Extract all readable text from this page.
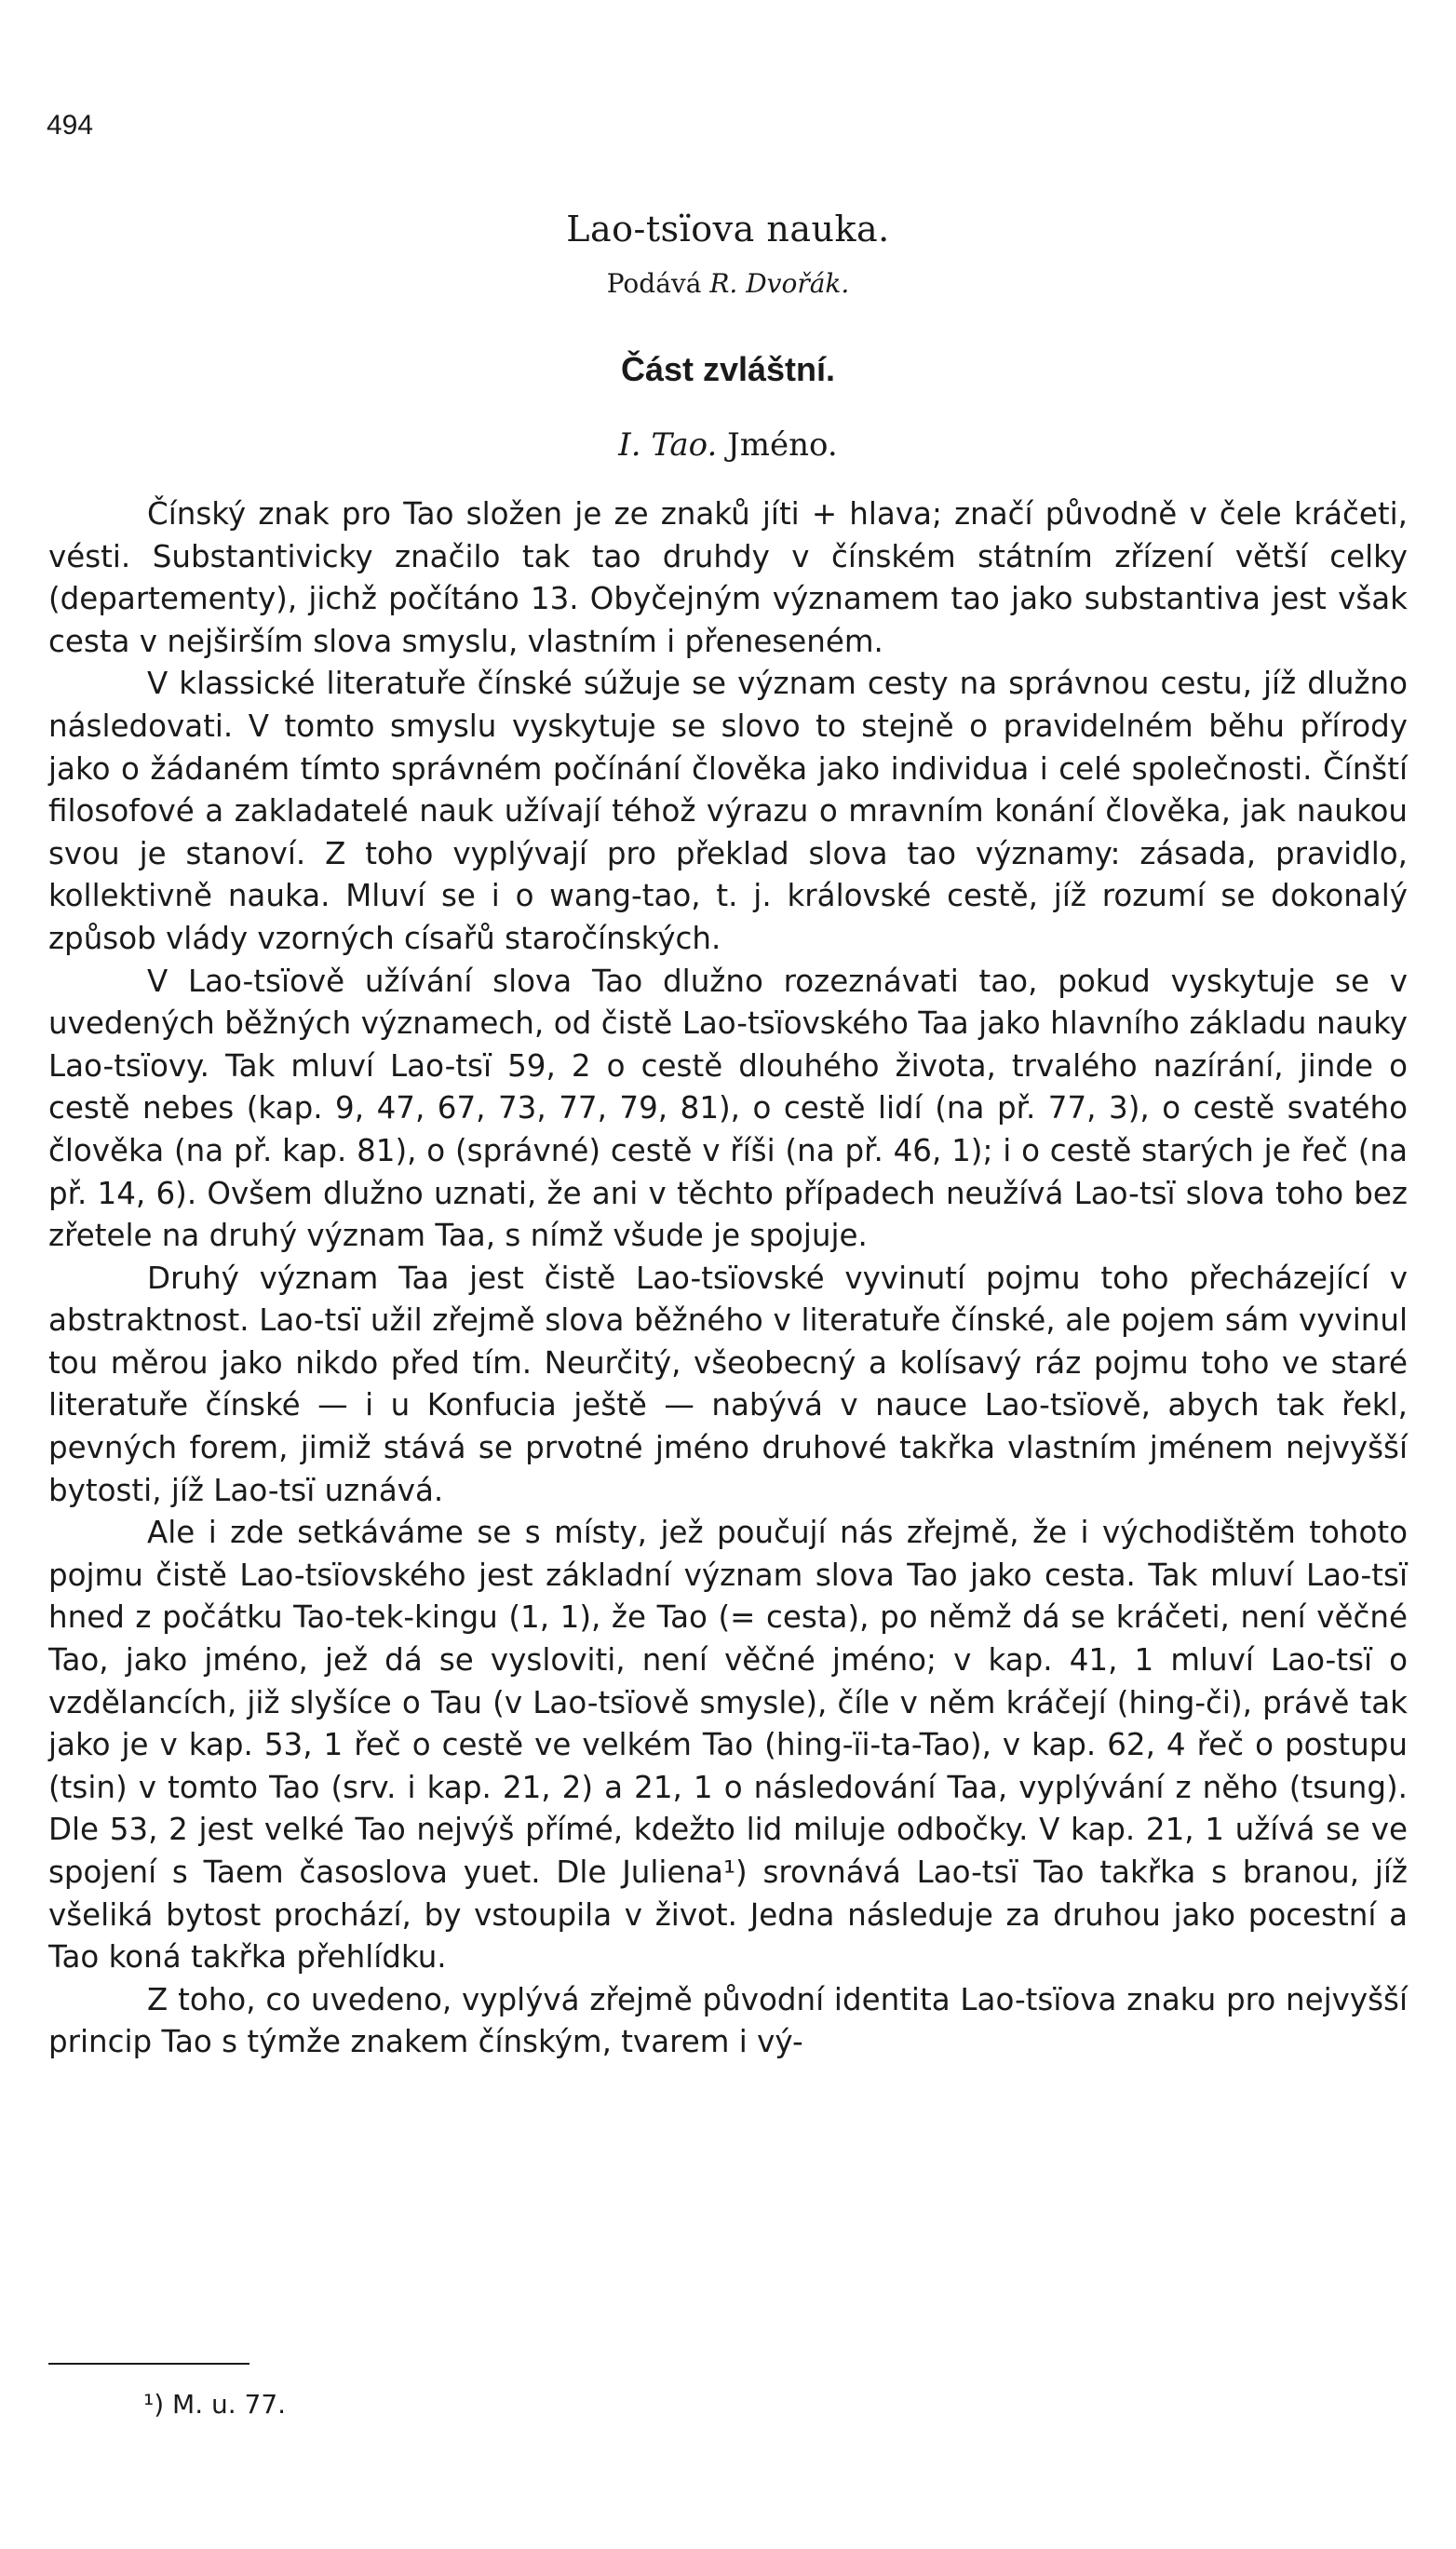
494
Lao-tsïova nauka.
Podává R. Dvořák.
Část zvláštní.
I. Tao. Jméno.

Čínský znak pro Tao složen je ze znaků jíti + hlava; značí původně v čele kráčeti, vésti. Substantivicky značilo tak tao druhdy v čínském státním zřízení větší celky (departementy), jichž počítáno 13. Obyčejným významem tao jako substantiva jest však cesta v nejširším slova smyslu, vlastním i přeneseném.

V klassické literatuře čínské súžuje se význam cesty na správnou cestu, jíž dlužno následovati. V tomto smyslu vyskytuje se slovo to stejně o pravidelném běhu přírody jako o žádaném tímto správném počínání člověka jako individua i celé společnosti. Čínští filosofové a zakladatelé nauk užívají téhož výrazu o mravním konání člověka, jak naukou svou je stanoví. Z toho vyplývají pro překlad slova tao významy: zásada, pravidlo, kollektivně nauka. Mluví se i o wang-tao, t. j. královské cestě, jíž rozumí se dokonalý způsob vlády vzorných císařů staročínských.

V Lao-tsïově užívání slova Tao dlužno rozeznávati tao, pokud vyskytuje se v uvedených běžných významech, od čistě Lao-tsïovského Taa jako hlavního základu nauky Lao-tsïovy. Tak mluví Lao-tsï 59, 2 o cestě dlouhého života, trvalého nazírání, jinde o cestě nebes (kap. 9, 47, 67, 73, 77, 79, 81), o cestě lidí (na př. 77, 3), o cestě svatého člověka (na př. kap. 81), o (správné) cestě v říši (na př. 46, 1); i o cestě starých je řeč (na př. 14, 6). Ovšem dlužno uznati, že ani v těchto případech neužívá Lao-tsï slova toho bez zřetele na druhý význam Taa, s nímž všude je spojuje.

Druhý význam Taa jest čistě Lao-tsïovské vyvinutí pojmu toho přecházející v abstraktnost. Lao-tsï užil zřejmě slova běžného v literatuře čínské, ale pojem sám vyvinul tou měrou jako nikdo před tím. Neurčitý, všeobecný a kolísavý ráz pojmu toho ve staré literatuře čínské — i u Konfucia ještě — nabývá v nauce Lao-tsïově, abych tak řekl, pevných forem, jimiž stává se prvotné jméno druhové takřka vlastním jménem nejvyšší bytosti, jíž Lao-tsï uznává.

Ale i zde setkáváme se s místy, jež poučují nás zřejmě, že i východištěm tohoto pojmu čistě Lao-tsïovského jest základní význam slova Tao jako cesta. Tak mluví Lao-tsï hned z počátku Tao-tek-kingu (1, 1), že Tao (= cesta), po němž dá se kráčeti, není věčné Tao, jako jméno, jež dá se vysloviti, není věčné jméno; v kap. 41, 1 mluví Lao-tsï o vzdělancích, již slyšíce o Tau (v Lao-tsïově smysle), číle v něm kráčejí (hing-či), právě tak jako je v kap. 53, 1 řeč o cestě ve velkém Tao (hing-ïi-ta-Tao), v kap. 62, 4 řeč o postupu (tsin) v tomto Tao (srv. i kap. 21, 2) a 21, 1 o následování Taa, vyplývání z něho (tsung). Dle 53, 2 jest velké Tao nejvýš přímé, kdežto lid miluje odbočky. V kap. 21, 1 užívá se ve spojení s Taem časoslova yuet. Dle Juliena¹) srovnává Lao-tsï Tao takřka s branou, jíž všeliká bytost prochází, by vstoupila v život. Jedna následuje za druhou jako pocestní a Tao koná takřka přehlídku.

Z toho, co uvedeno, vyplývá zřejmě původní identita Lao-tsïova znaku pro nejvyšší princip Tao s týmže znakem čínským, tvarem i vý-

¹) M. u. 77.
